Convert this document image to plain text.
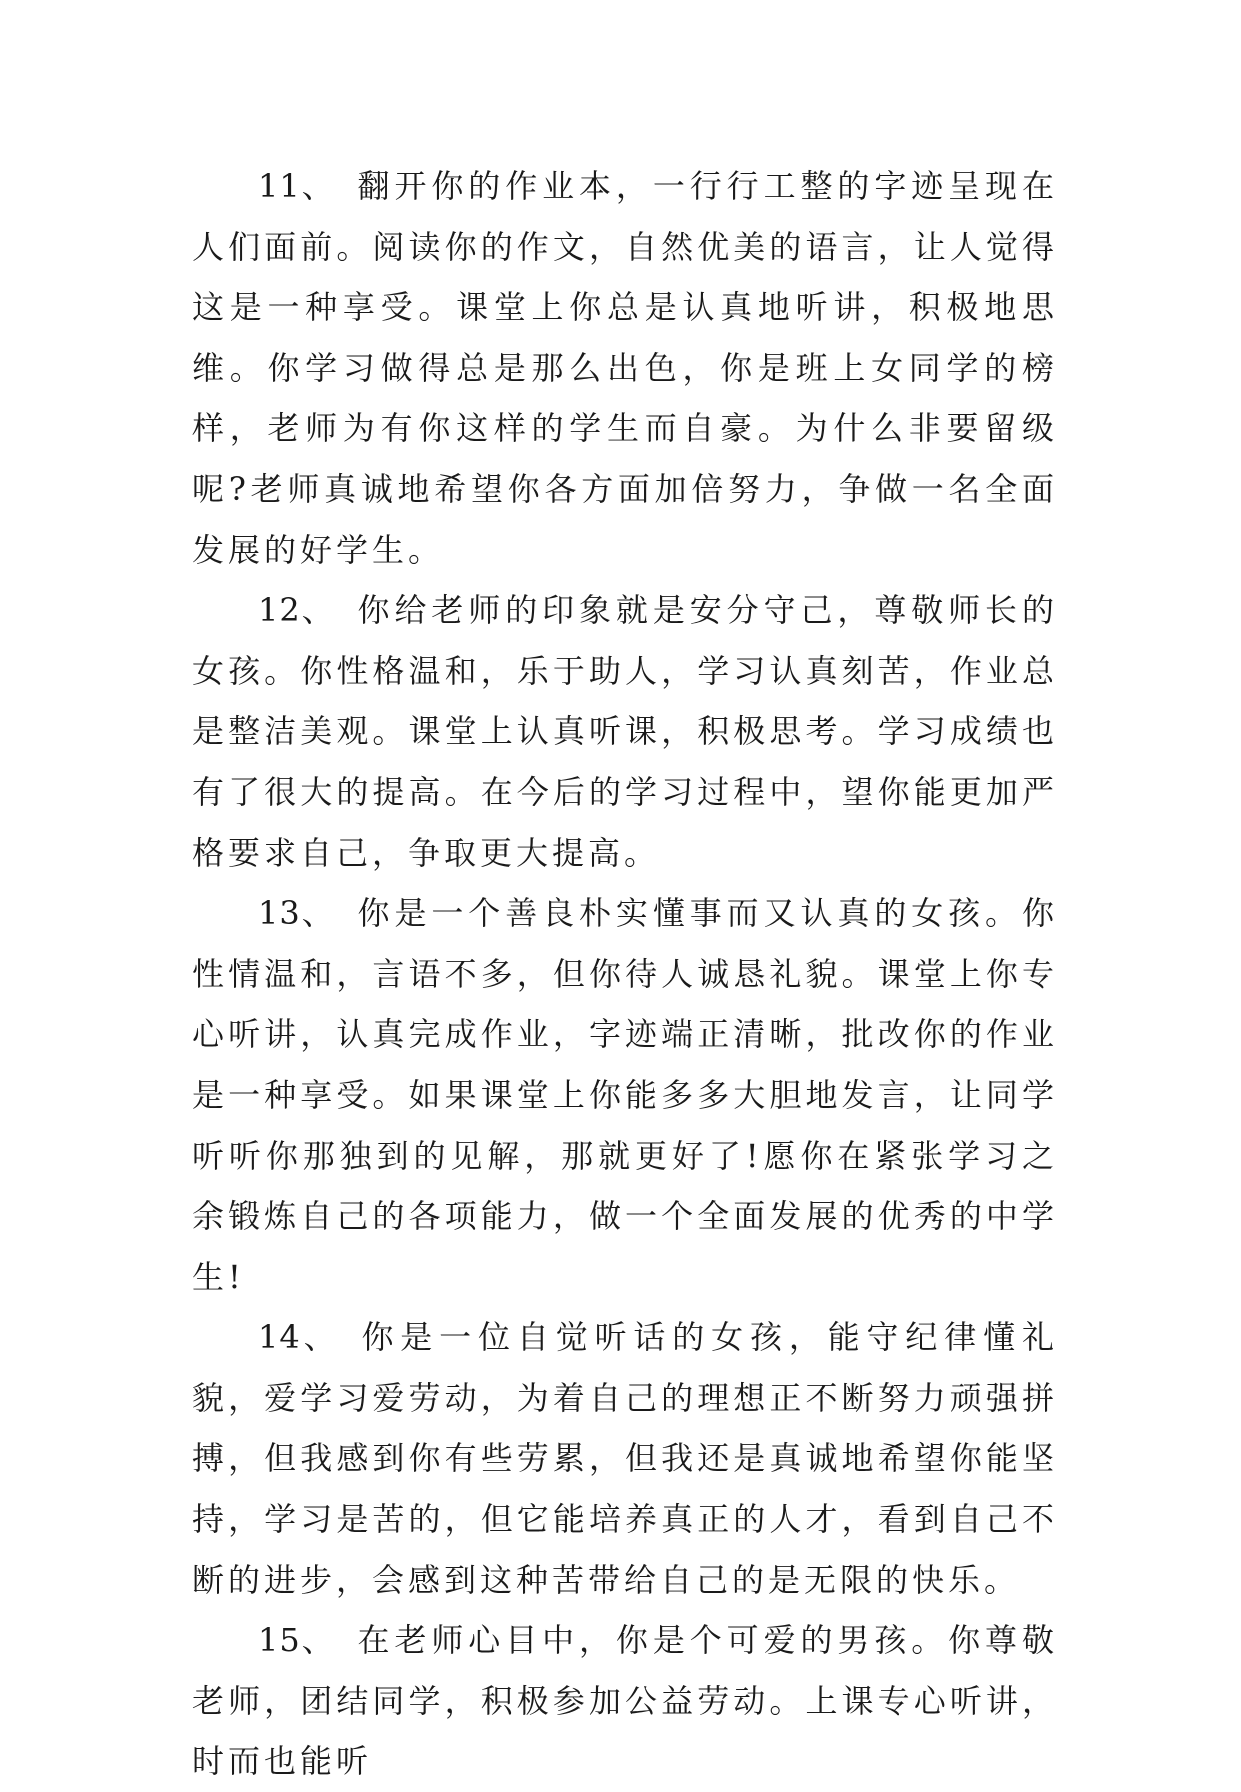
11、 翻开你的作业本，一行行工整的字迹呈现在人们面前。阅读你的作文，自然优美的语言，让人觉得这是一种享受。课堂上你总是认真地听讲，积极地思维。你学习做得总是那么出色，你是班上女同学的榜样，老师为有你这样的学生而自豪。为什么非要留级呢?老师真诚地希望你各方面加倍努力，争做一名全面发展的好学生。

12、 你给老师的印象就是安分守己，尊敬师长的女孩。你性格温和，乐于助人，学习认真刻苦，作业总是整洁美观。课堂上认真听课，积极思考。学习成绩也有了很大的提高。在今后的学习过程中，望你能更加严格要求自己，争取更大提高。

13、 你是一个善良朴实懂事而又认真的女孩。你性情温和，言语不多，但你待人诚恳礼貌。课堂上你专心听讲，认真完成作业，字迹端正清晰，批改你的作业是一种享受。如果课堂上你能多多大胆地发言，让同学听听你那独到的见解，那就更好了!愿你在紧张学习之余锻炼自己的各项能力，做一个全面发展的优秀的中学生!

14、 你是一位自觉听话的女孩，能守纪律懂礼貌，爱学习爱劳动，为着自己的理想正不断努力顽强拼搏，但我感到你有些劳累，但我还是真诚地希望你能坚持，学习是苦的，但它能培养真正的人才，看到自己不断的进步，会感到这种苦带给自己的是无限的快乐。

15、 在老师心目中，你是个可爱的男孩。你尊敬老师，团结同学，积极参加公益劳动。上课专心听讲，时而也能听
